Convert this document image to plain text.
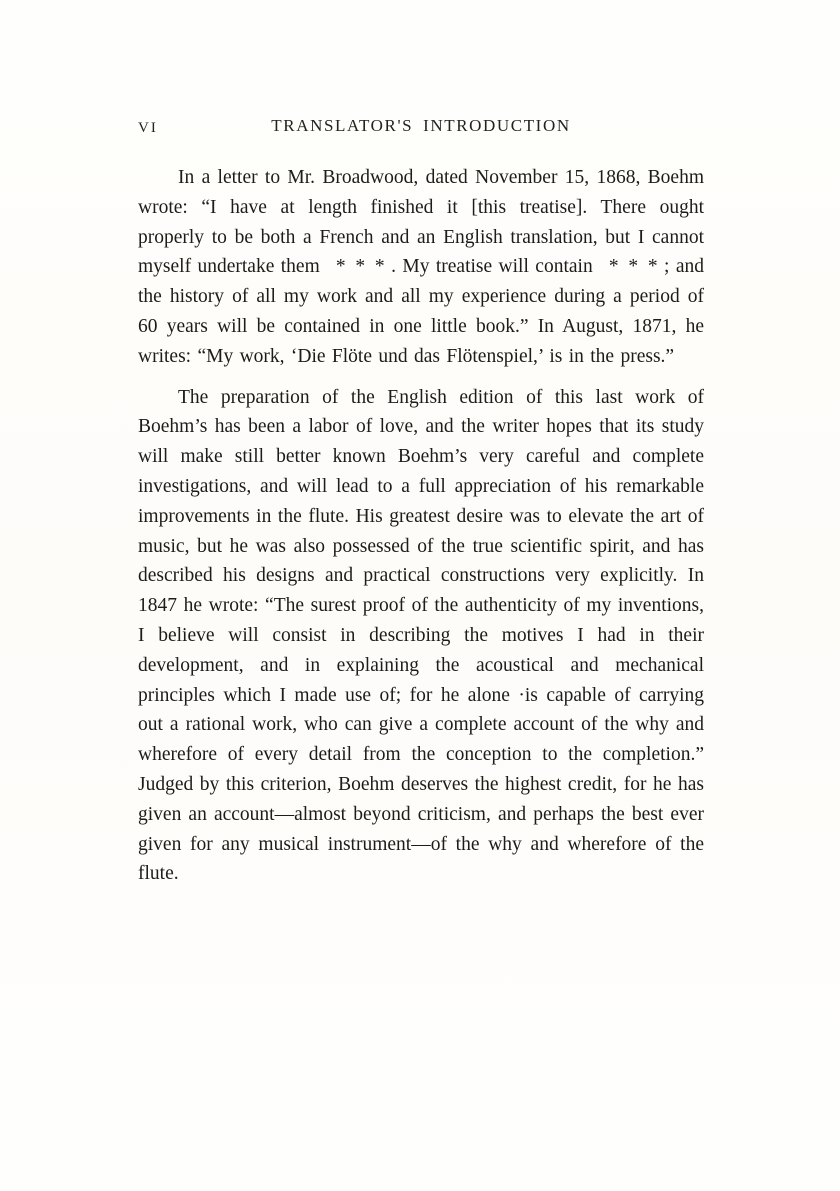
VI	TRANSLATOR'S INTRODUCTION

In a letter to Mr. Broadwood, dated November 15, 1868, Boehm wrote: “I have at length finished it [this treatise]. There ought properly to be both a French and an English translation, but I cannot myself undertake them  * * * . My treatise will contain  * * * ; and the history of all my work and all my experience during a period of 60 years will be contained in one little book.” In August, 1871, he writes: “My work, ‘Die Flöte und das Flötenspiel,’ is in the press.”

The preparation of the English edition of this last work of Boehm’s has been a labor of love, and the writer hopes that its study will make still better known Boehm’s very careful and complete investigations, and will lead to a full appreciation of his remarkable improvements in the flute. His greatest desire was to elevate the art of music, but he was also possessed of the true scientific spirit, and has described his designs and practical constructions very explicitly. In 1847 he wrote: “The surest proof of the authenticity of my inventions, I believe will consist in describing the motives I had in their development, and in explaining the acoustical and mechanical principles which I made use of; for he alone ·is capable of carrying out a rational work, who can give a complete account of the why and wherefore of every detail from the conception to the completion.” Judged by this criterion, Boehm deserves the highest credit, for he has given an account—almost beyond criticism, and perhaps the best ever given for any musical instrument—of the why and wherefore of the flute.
